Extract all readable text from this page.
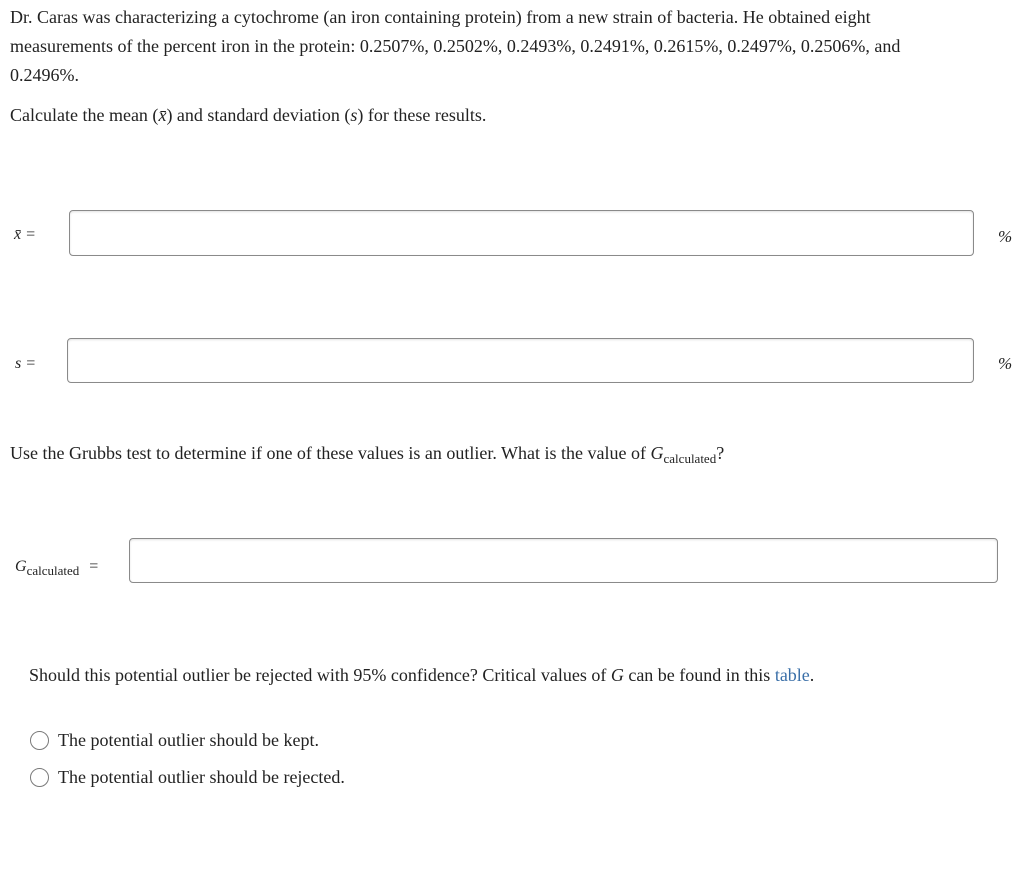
Dr. Caras was characterizing a cytochrome (an iron containing protein) from a new strain of bacteria. He obtained eight measurements of the percent iron in the protein: 0.2507%, 0.2502%, 0.2493%, 0.2491%, 0.2615%, 0.2497%, 0.2506%, and 0.2496%.

Calculate the mean (x̄) and standard deviation (s) for these results.

x̄ =	%
s =	%

Use the Grubbs test to determine if one of these values is an outlier. What is the value of $G_{calculated}$?

$G_{calculated}$ =

Should this potential outlier be rejected with 95% confidence? Critical values of G can be found in this table.

The potential outlier should be kept.
The potential outlier should be rejected.
